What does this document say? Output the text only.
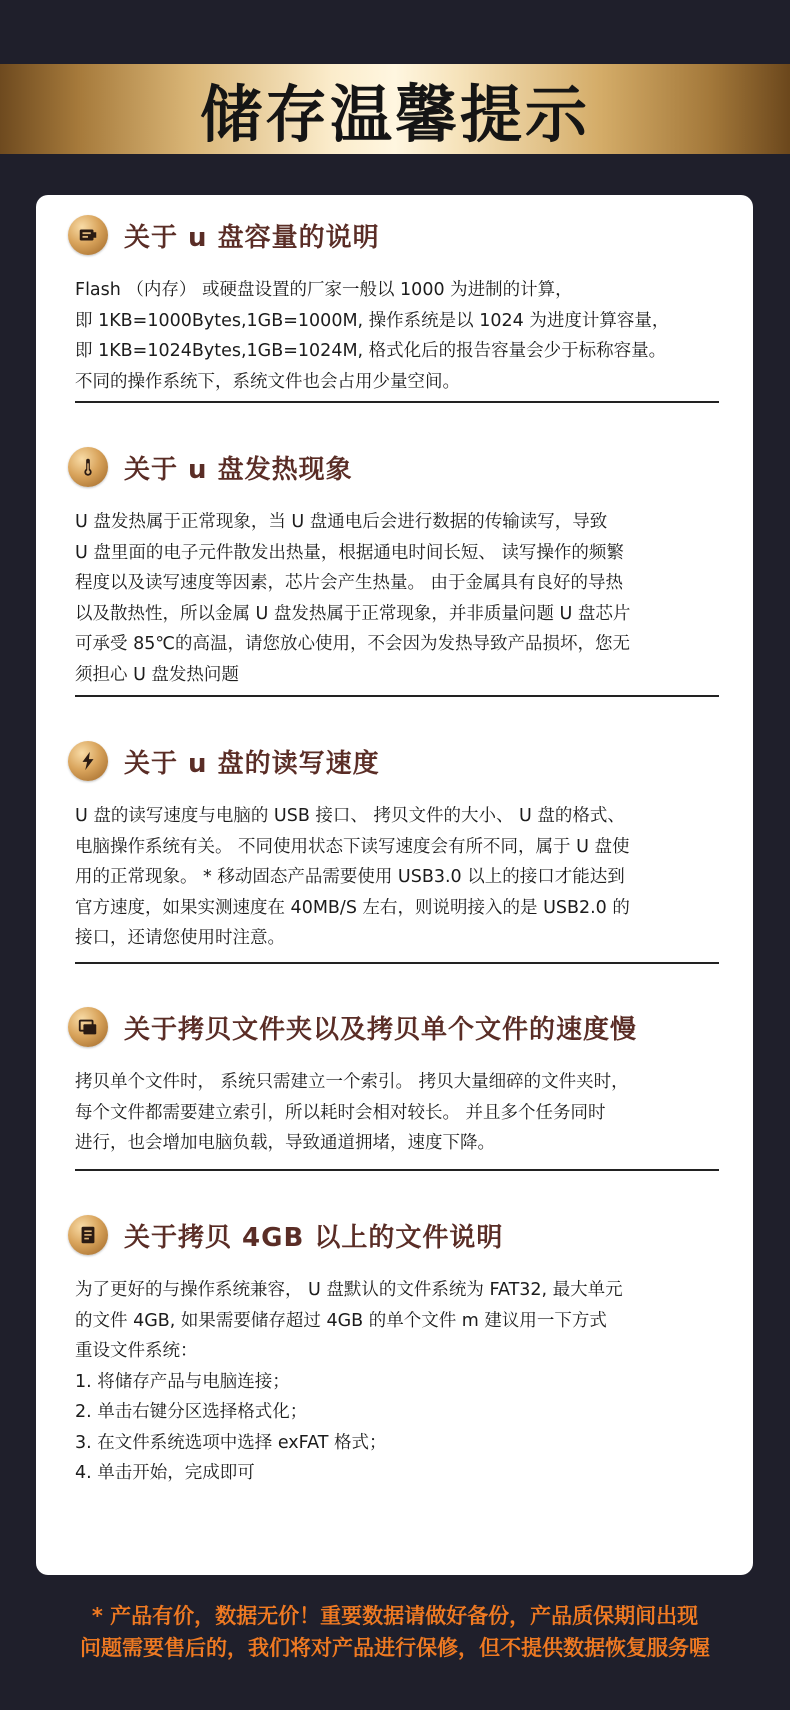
储存温馨提示
关于 u 盘容量的说明

Flash （内存） 或硬盘设置的厂家一般以 1000 为进制的计算，

即 1KB=1000Bytes,1GB=1000M, 操作系统是以 1024 为进度计算容量，

即 1KB=1024Bytes,1GB=1024M, 格式化后的报告容量会少于标称容量。

不同的操作系统下，系统文件也会占用少量空间。

关于 u 盘发热现象

U 盘发热属于正常现象，当 U 盘通电后会进行数据的传输读写，导致

U 盘里面的电子元件散发出热量，根据通电时间长短、 读写操作的频繁

程度以及读写速度等因素，芯片会产生热量。 由于金属具有良好的导热

以及散热性，所以金属 U 盘发热属于正常现象，并非质量问题 U 盘芯片

可承受 85℃的高温，请您放心使用，不会因为发热导致产品损坏，您无

须担心 U 盘发热问题

关于 u 盘的读写速度

U 盘的读写速度与电脑的 USB 接口、 拷贝文件的大小、 U 盘的格式、

电脑操作系统有关。 不同使用状态下读写速度会有所不同，属于 U 盘使

用的正常现象。 * 移动固态产品需要使用 USB3.0 以上的接口才能达到

官方速度，如果实测速度在 40MB/S 左右，则说明接入的是 USB2.0 的

接口，还请您使用时注意。

关于拷贝文件夹以及拷贝单个文件的速度慢

拷贝单个文件时， 系统只需建立一个索引。 拷贝大量细碎的文件夹时，

每个文件都需要建立索引，所以耗时会相对较长。 并且多个任务同时

进行，也会增加电脑负载，导致通道拥堵，速度下降。

关于拷贝 4GB 以上的文件说明

为了更好的与操作系统兼容， U 盘默认的文件系统为 FAT32, 最大单元

的文件 4GB, 如果需要储存超过 4GB 的单个文件 m 建议用一下方式

重设文件系统：

1. 将储存产品与电脑连接；

2. 单击右键分区选择格式化；

3. 在文件系统选项中选择 exFAT 格式；

4. 单击开始，完成即可

* 产品有价，数据无价！重要数据请做好备份，产品质保期间出现

问题需要售后的，我们将对产品进行保修，但不提供数据恢复服务喔
